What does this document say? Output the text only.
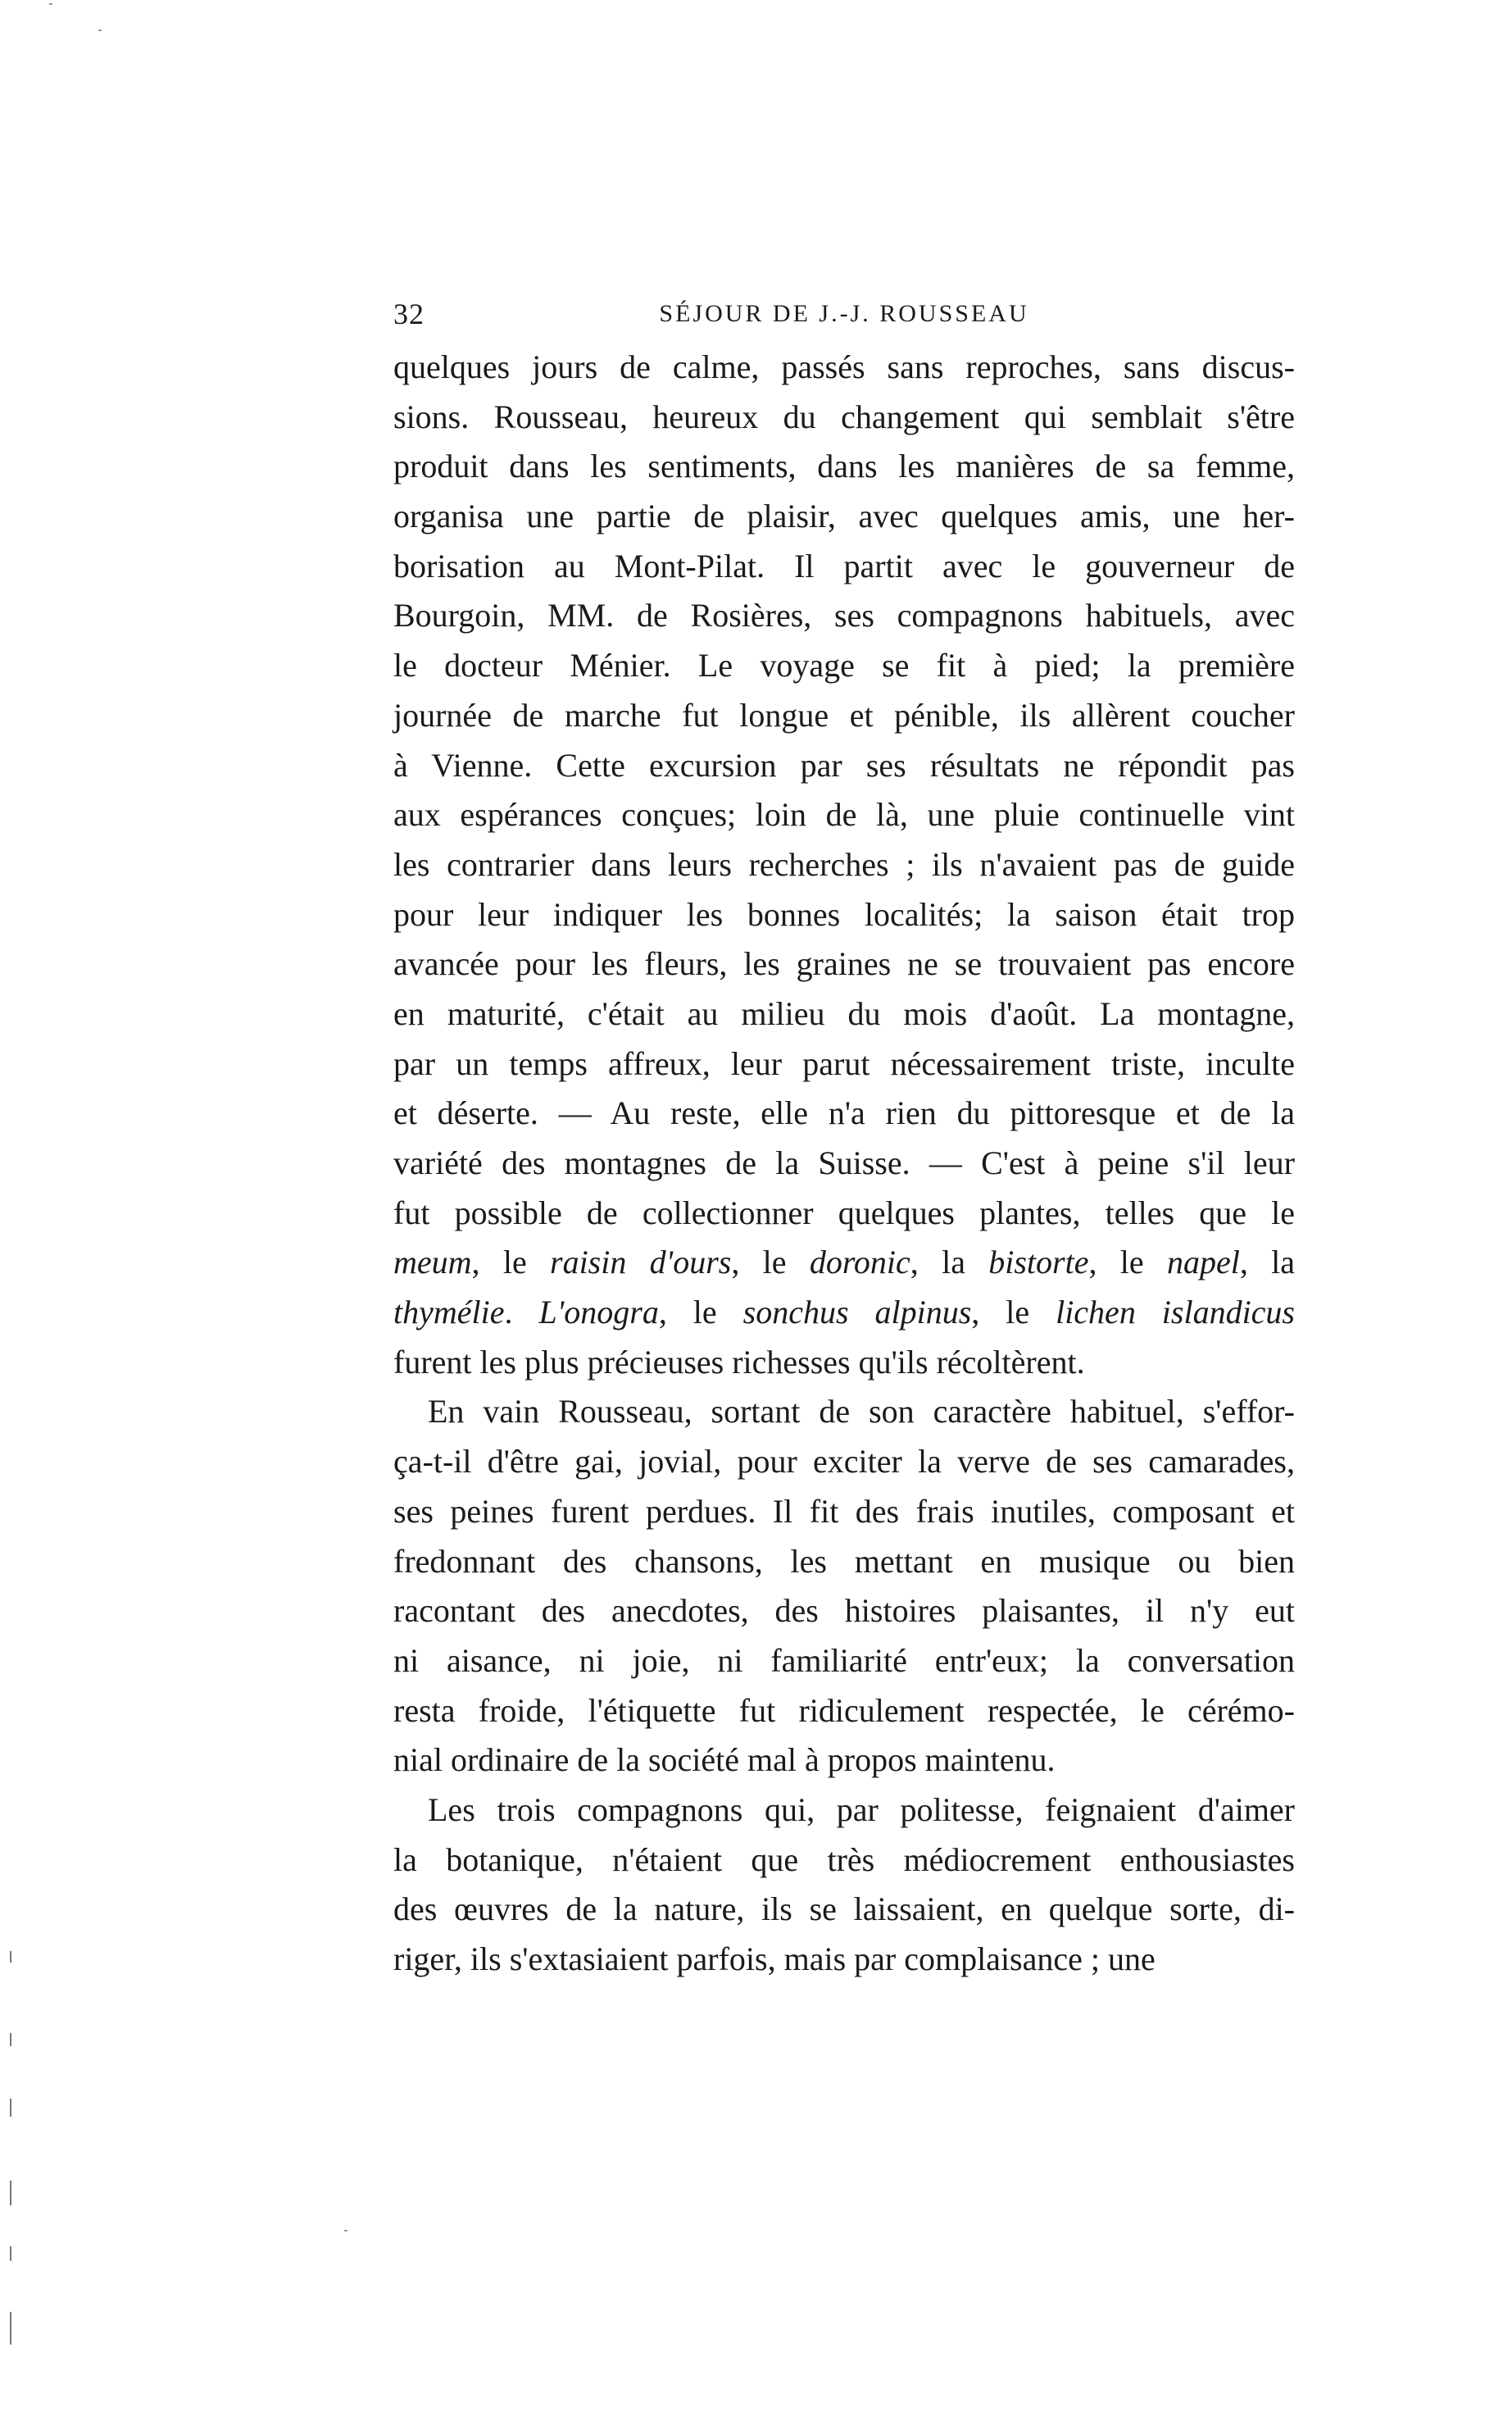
32	SÉJOUR DE J.-J. ROUSSEAU
quelques jours de calme, passés sans reproches, sans discus-
sions. Rousseau, heureux du changement qui semblait s'être
produit dans les sentiments, dans les manières de sa femme,
organisa une partie de plaisir, avec quelques amis, une her-
borisation au Mont-Pilat. Il partit avec le gouverneur de
Bourgoin, MM. de Rosières, ses compagnons habituels, avec
le docteur Ménier. Le voyage se fit à pied; la première
journée de marche fut longue et pénible, ils allèrent coucher
à Vienne. Cette excursion par ses résultats ne répondit pas
aux espérances conçues; loin de là, une pluie continuelle vint
les contrarier dans leurs recherches ; ils n'avaient pas de guide
pour leur indiquer les bonnes localités; la saison était trop
avancée pour les fleurs, les graines ne se trouvaient pas encore
en maturité, c'était au milieu du mois d'août. La montagne,
par un temps affreux, leur parut nécessairement triste, inculte
et déserte. — Au reste, elle n'a rien du pittoresque et de la
variété des montagnes de la Suisse. — C'est à peine s'il leur
fut possible de collectionner quelques plantes, telles que le
meum, le raisin d'ours, le doronic, la bistorte, le napel, la
thymélie. L'onogra, le sonchus alpinus, le lichen islandicus
furent les plus précieuses richesses qu'ils récoltèrent.
En vain Rousseau, sortant de son caractère habituel, s'effor-
ça-t-il d'être gai, jovial, pour exciter la verve de ses camarades,
ses peines furent perdues. Il fit des frais inutiles, composant et
fredonnant des chansons, les mettant en musique ou bien
racontant des anecdotes, des histoires plaisantes, il n'y eut
ni aisance, ni joie, ni familiarité entr'eux; la conversation
resta froide, l'étiquette fut ridiculement respectée, le cérémo-
nial ordinaire de la société mal à propos maintenu.
Les trois compagnons qui, par politesse, feignaient d'aimer
la botanique, n'étaient que très médiocrement enthousiastes
des œuvres de la nature, ils se laissaient, en quelque sorte, di-
riger, ils s'extasiaient parfois, mais par complaisance ; une
